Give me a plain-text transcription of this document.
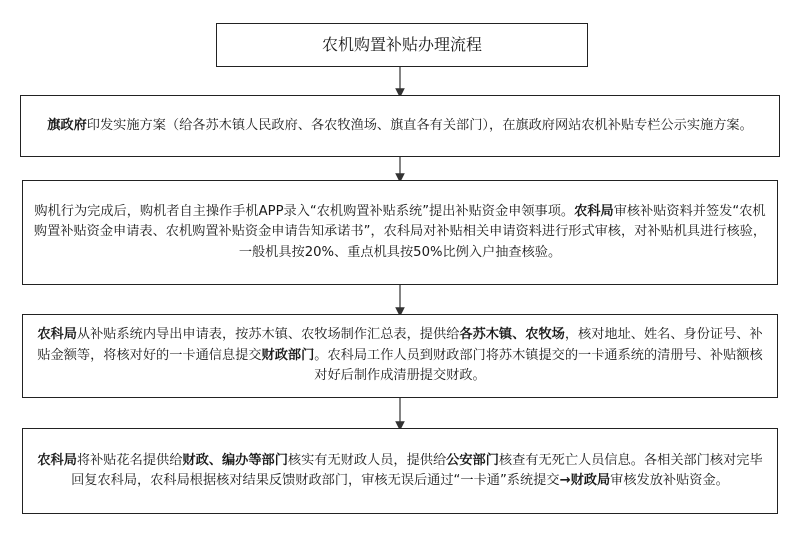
农机购置补贴办理流程
旗政府印发实施方案（给各苏木镇人民政府、各农牧渔场、旗直各有关部门），在旗政府网站农机补贴专栏公示实施方案。
购机行为完成后，购机者自主操作手机APP录入“农机购置补贴系统”提出补贴资金申领事项。农科局审核补贴资料并签发“农机购置补贴资金申请表、农机购置补贴资金申请告知承诺书”，农科局对补贴相关申请资料进行形式审核，对补贴机具进行核验，一般机具按20%、重点机具按50%比例入户抽查核验。
农科局从补贴系统内导出申请表，按苏木镇、农牧场制作汇总表，提供给各苏木镇、农牧场，核对地址、姓名、身份证号、补贴金额等，将核对好的一卡通信息提交财政部门。农科局工作人员到财政部门将苏木镇提交的一卡通系统的清册号、补贴额核对好后制作成清册提交财政。
农科局将补贴花名提供给财政、编办等部门核实有无财政人员，提供给公安部门核查有无死亡人员信息。各相关部门核对完毕回复农科局，农科局根据核对结果反馈财政部门，审核无误后通过“一卡通”系统提交→财政局审核发放补贴资金。
